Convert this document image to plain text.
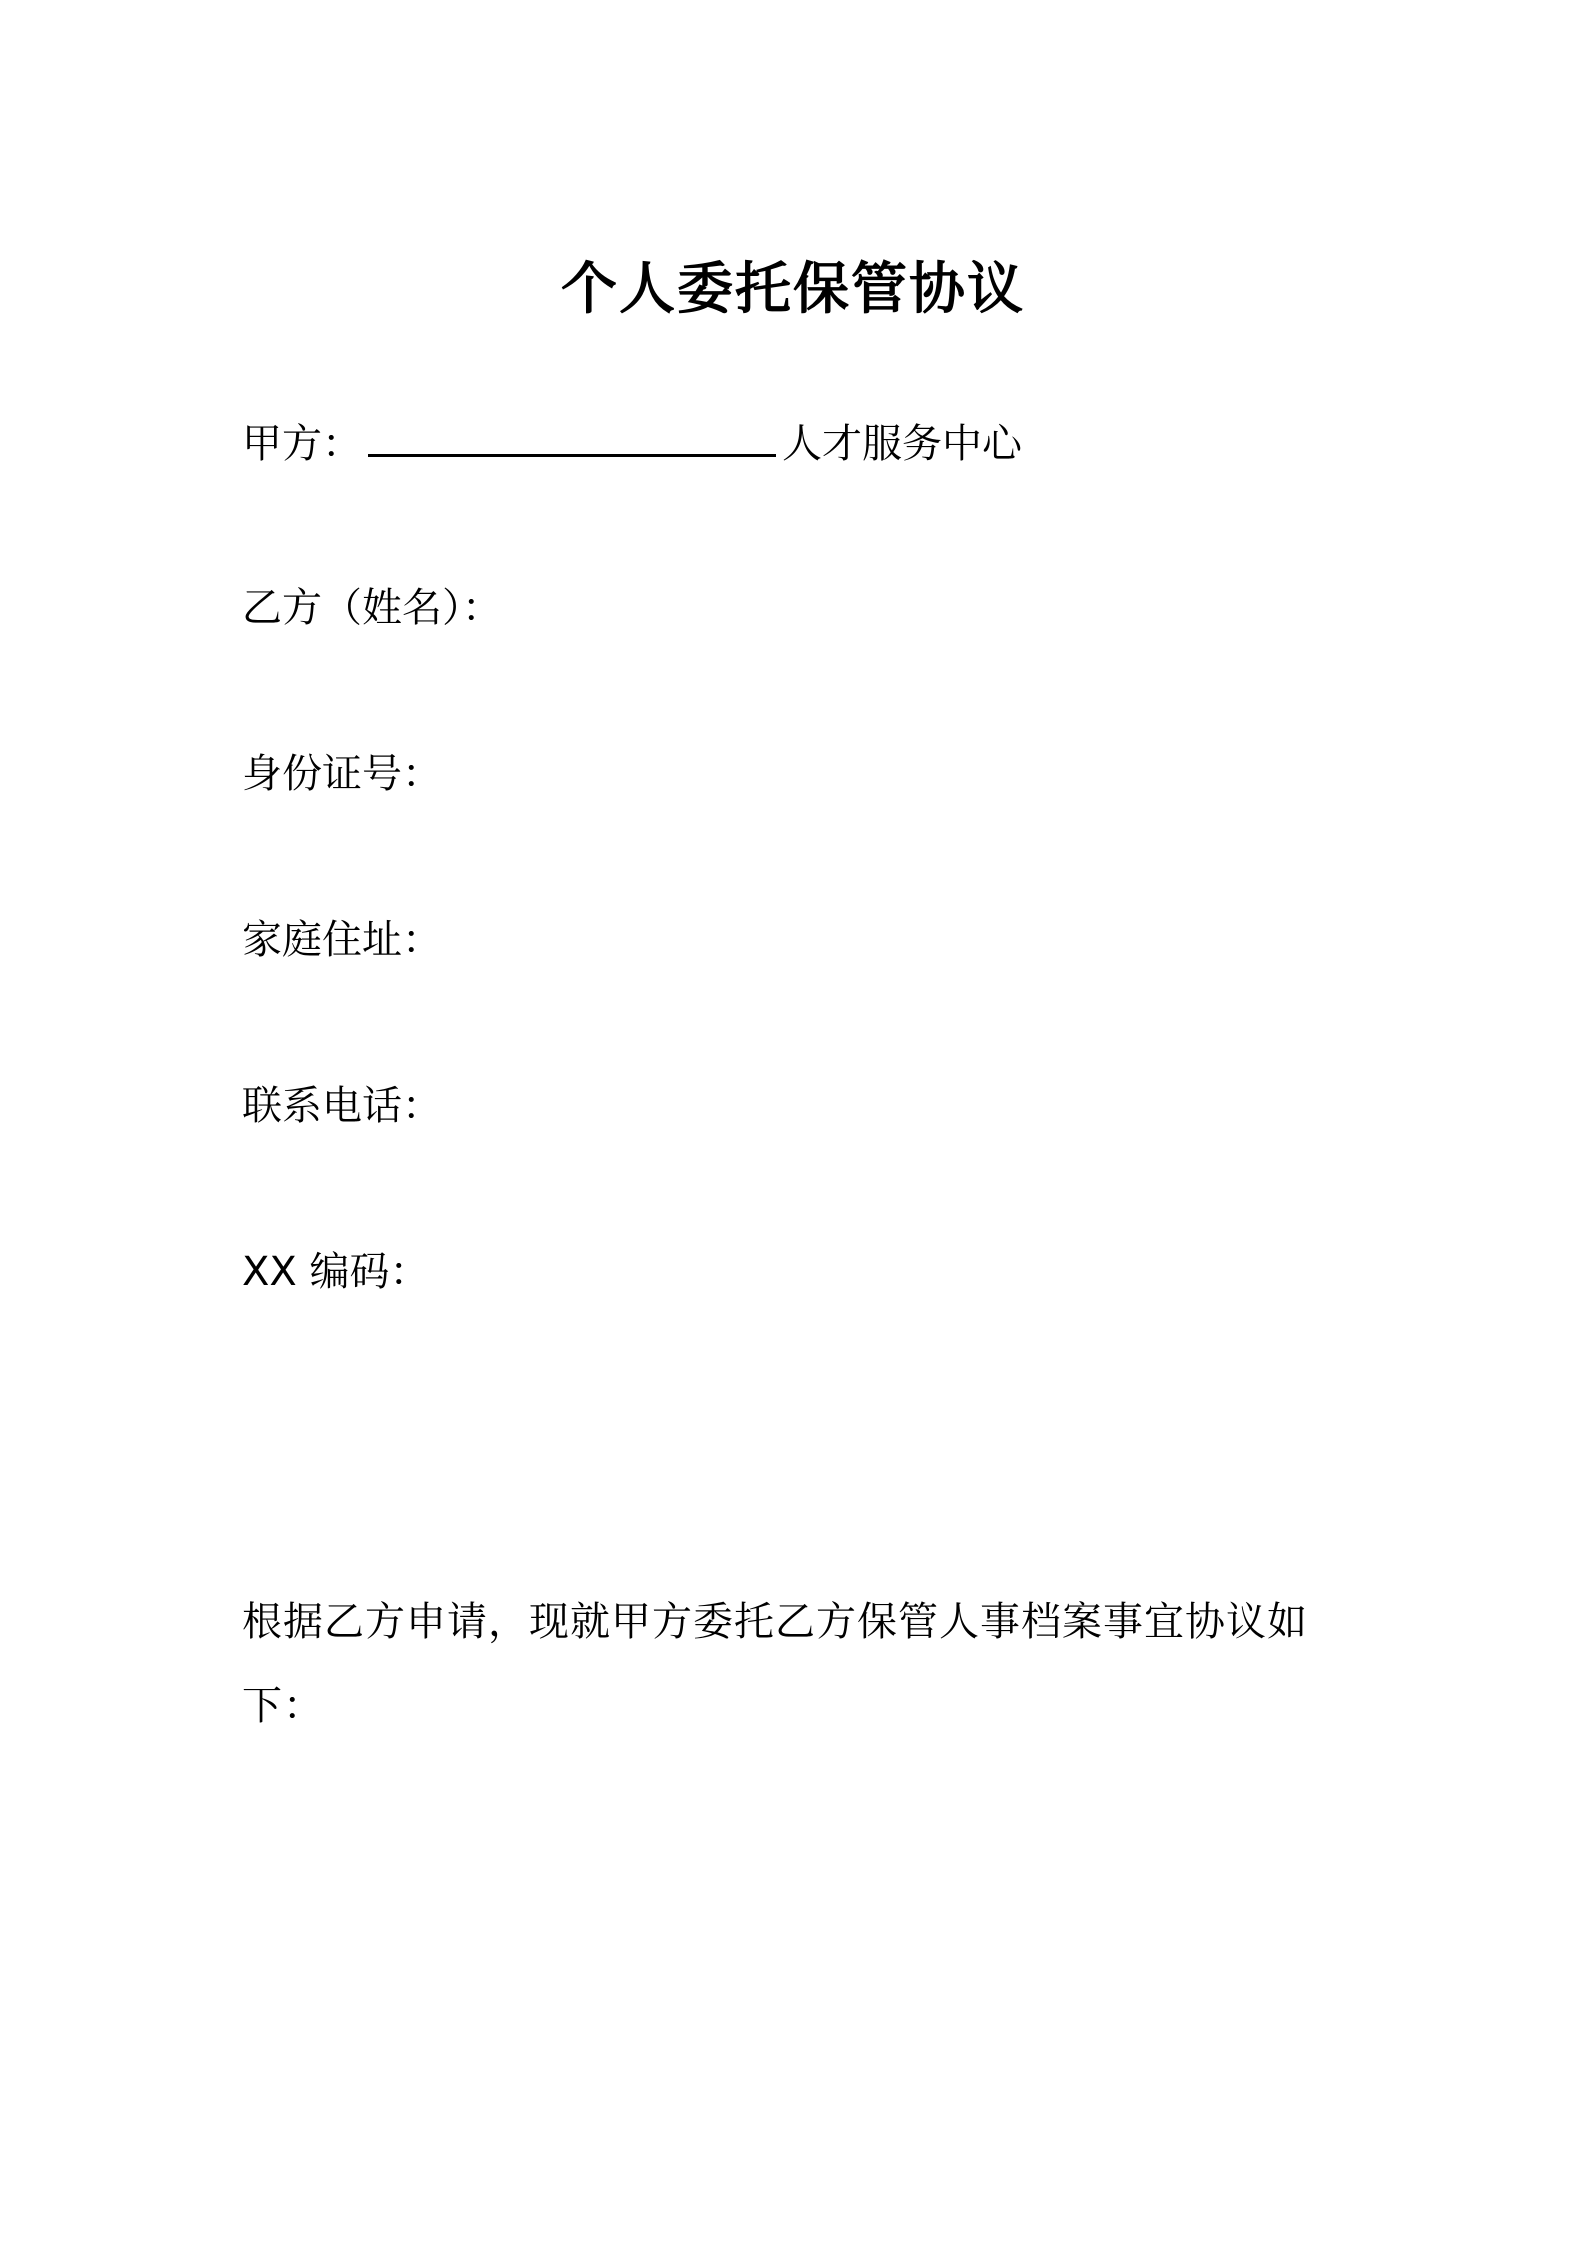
个人委托保管协议
甲方：	人才服务中心
乙方（姓名）：
身份证号：
家庭住址：
联系电话：
XX 编码：
根据乙方申请，现就甲方委托乙方保管人事档案事宜协议如下：
